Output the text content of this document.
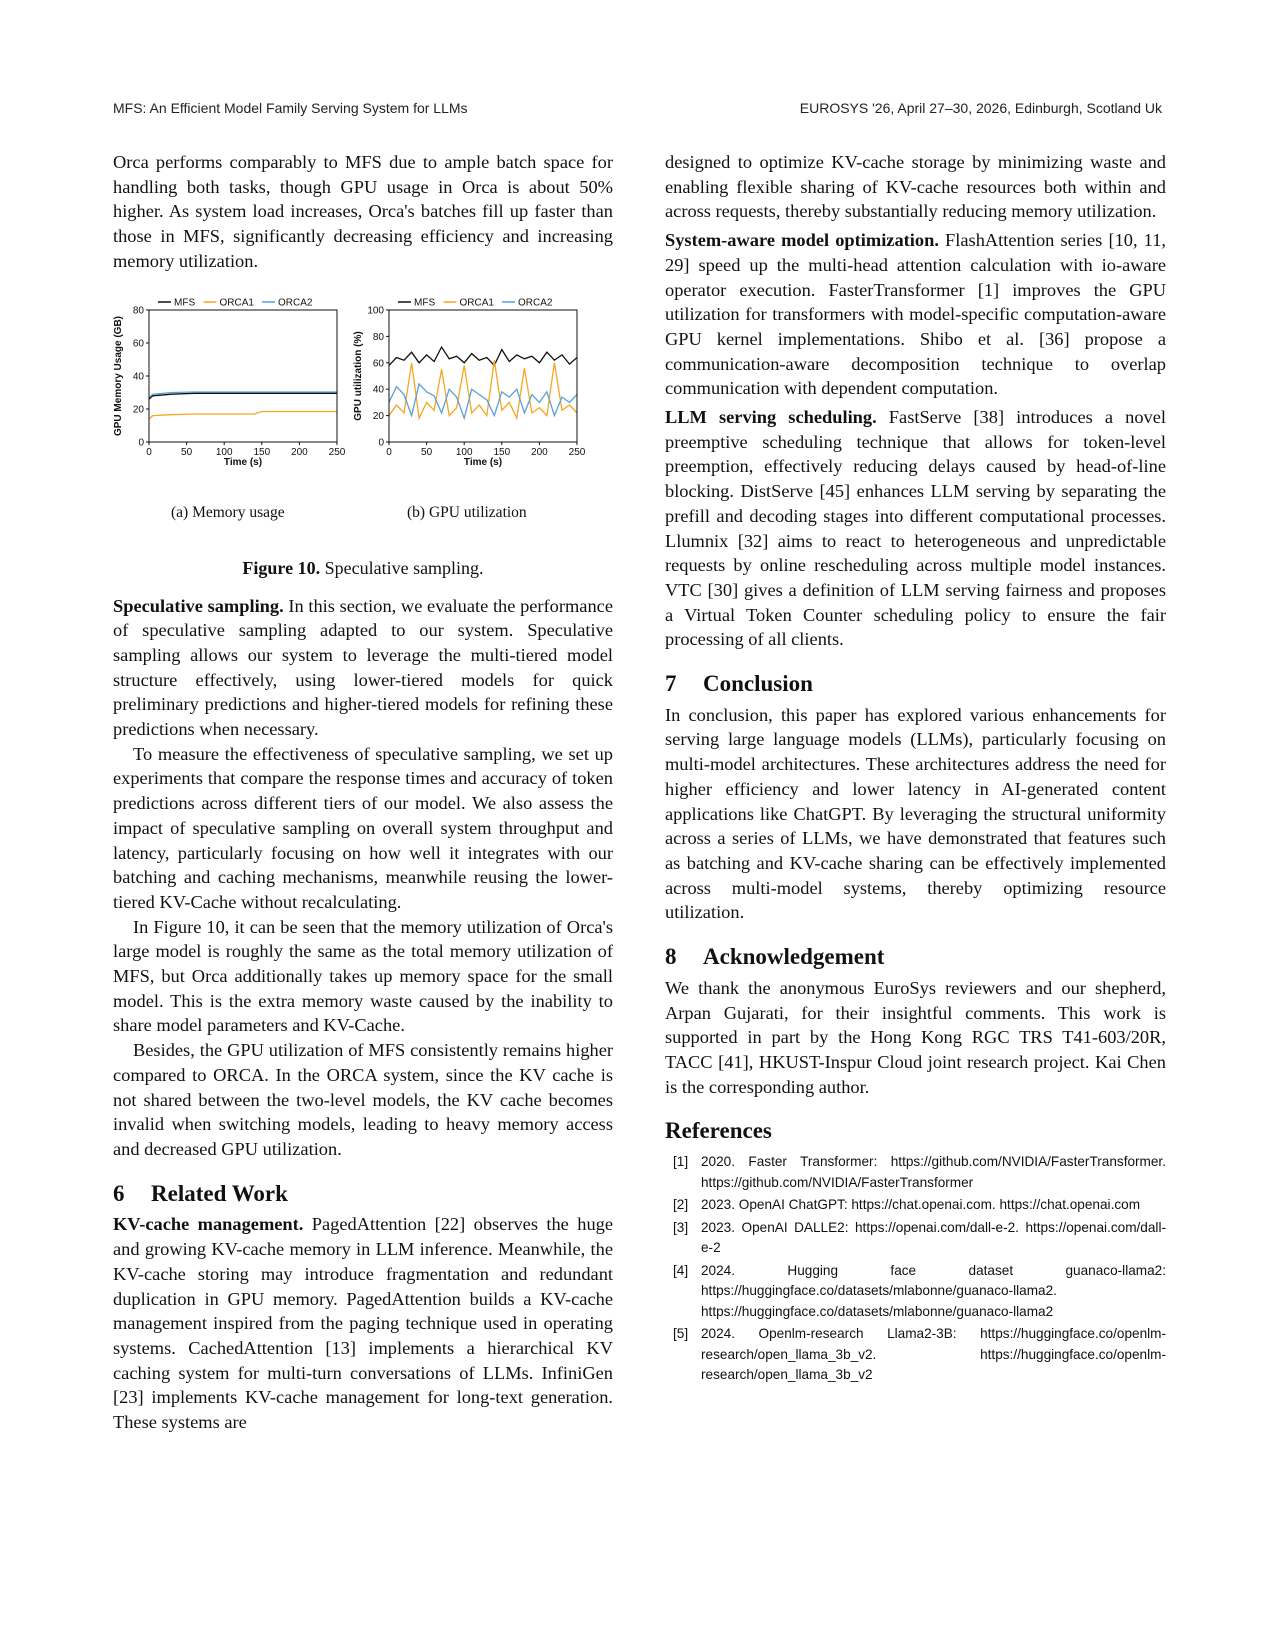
MFS: An Efficient Model Family Serving System for LLMs	EUROSYS '26, April 27–30, 2026, Edinburgh, Scotland Uk

Orca performs comparably to MFS due to ample batch space for handling both tasks, though GPU usage in Orca is about 50% higher. As system load increases, Orca's batches fill up faster than those in MFS, significantly decreasing efficiency and increasing memory utilization.

MFS ORCA1 ORCA2
0	50 100 150 200 250
0
20
40
60
80
Time (s)
GPU Memory Usage (GB)
MFS ORCA1 ORCA2
0	50 100 150 200 250
0
20
40
60
80
100
Time (s)
GPU utilization (%)
(a) Memory usage	(b) GPU utilization
Figure 10. Speculative sampling.

Speculative sampling. In this section, we evaluate the performance of speculative sampling adapted to our system. Speculative sampling allows our system to leverage the multi-tiered model structure effectively, using lower-tiered models for quick preliminary predictions and higher-tiered models for refining these predictions when necessary.

To measure the effectiveness of speculative sampling, we set up experiments that compare the response times and accuracy of token predictions across different tiers of our model. We also assess the impact of speculative sampling on overall system throughput and latency, particularly focusing on how well it integrates with our batching and caching mechanisms, meanwhile reusing the lower-tiered KV-Cache without recalculating.

In Figure 10, it can be seen that the memory utilization of Orca's large model is roughly the same as the total memory utilization of MFS, but Orca additionally takes up memory space for the small model. This is the extra memory waste caused by the inability to share model parameters and KV-Cache.

Besides, the GPU utilization of MFS consistently remains higher compared to ORCA. In the ORCA system, since the KV cache is not shared between the two-level models, the KV cache becomes invalid when switching models, leading to heavy memory access and decreased GPU utilization.

6 Related Work

KV-cache management. PagedAttention [22] observes the huge and growing KV-cache memory in LLM inference. Meanwhile, the KV-cache storing may introduce fragmentation and redundant duplication in GPU memory. PagedAttention builds a KV-cache management inspired from the paging technique used in operating systems. CachedAttention [13] implements a hierarchical KV caching system for multi-turn conversations of LLMs. InfiniGen [23] implements KV-cache management for long-text generation. These systems are

designed to optimize KV-cache storage by minimizing waste and enabling flexible sharing of KV-cache resources both within and across requests, thereby substantially reducing memory utilization.

System-aware model optimization. FlashAttention series [10, 11, 29] speed up the multi-head attention calculation with io-aware operator execution. FasterTransformer [1] improves the GPU utilization for transformers with model-specific computation-aware GPU kernel implementations. Shibo et al. [36] propose a communication-aware decomposition technique to overlap communication with dependent computation.

LLM serving scheduling. FastServe [38] introduces a novel preemptive scheduling technique that allows for token-level preemption, effectively reducing delays caused by head-of-line blocking. DistServe [45] enhances LLM serving by separating the prefill and decoding stages into different computational processes. Llumnix [32] aims to react to heterogeneous and unpredictable requests by online rescheduling across multiple model instances. VTC [30] gives a definition of LLM serving fairness and proposes a Virtual Token Counter scheduling policy to ensure the fair processing of all clients.

7 Conclusion

In conclusion, this paper has explored various enhancements for serving large language models (LLMs), particularly focusing on multi-model architectures. These architectures address the need for higher efficiency and lower latency in AI-generated content applications like ChatGPT. By leveraging the structural uniformity across a series of LLMs, we have demonstrated that features such as batching and KV-cache sharing can be effectively implemented across multi-model systems, thereby optimizing resource utilization.

8 Acknowledgement

We thank the anonymous EuroSys reviewers and our shepherd, Arpan Gujarati, for their insightful comments. This work is supported in part by the Hong Kong RGC TRS T41-603/20R, TACC [41], HKUST-Inspur Cloud joint research project. Kai Chen is the corresponding author.

References
[1] 2020. Faster Transformer: https://github.com/NVIDIA/FasterTransformer. https://github.com/NVIDIA/FasterTransformer
[2] 2023. OpenAI ChatGPT: https://chat.openai.com. https://chat.openai.com
[3] 2023. OpenAI DALLE2: https://openai.com/dall-e-2. https://openai.com/dall-e-2
[4] 2024. Hugging face dataset guanaco-llama2: https://huggingface.co/datasets/mlabonne/guanaco-llama2. https://huggingface.co/datasets/mlabonne/guanaco-llama2
[5] 2024. Openlm-research Llama2-3B: https://huggingface.co/openlm-research/open_llama_3b_v2. https://huggingface.co/openlm-research/open_llama_3b_v2
